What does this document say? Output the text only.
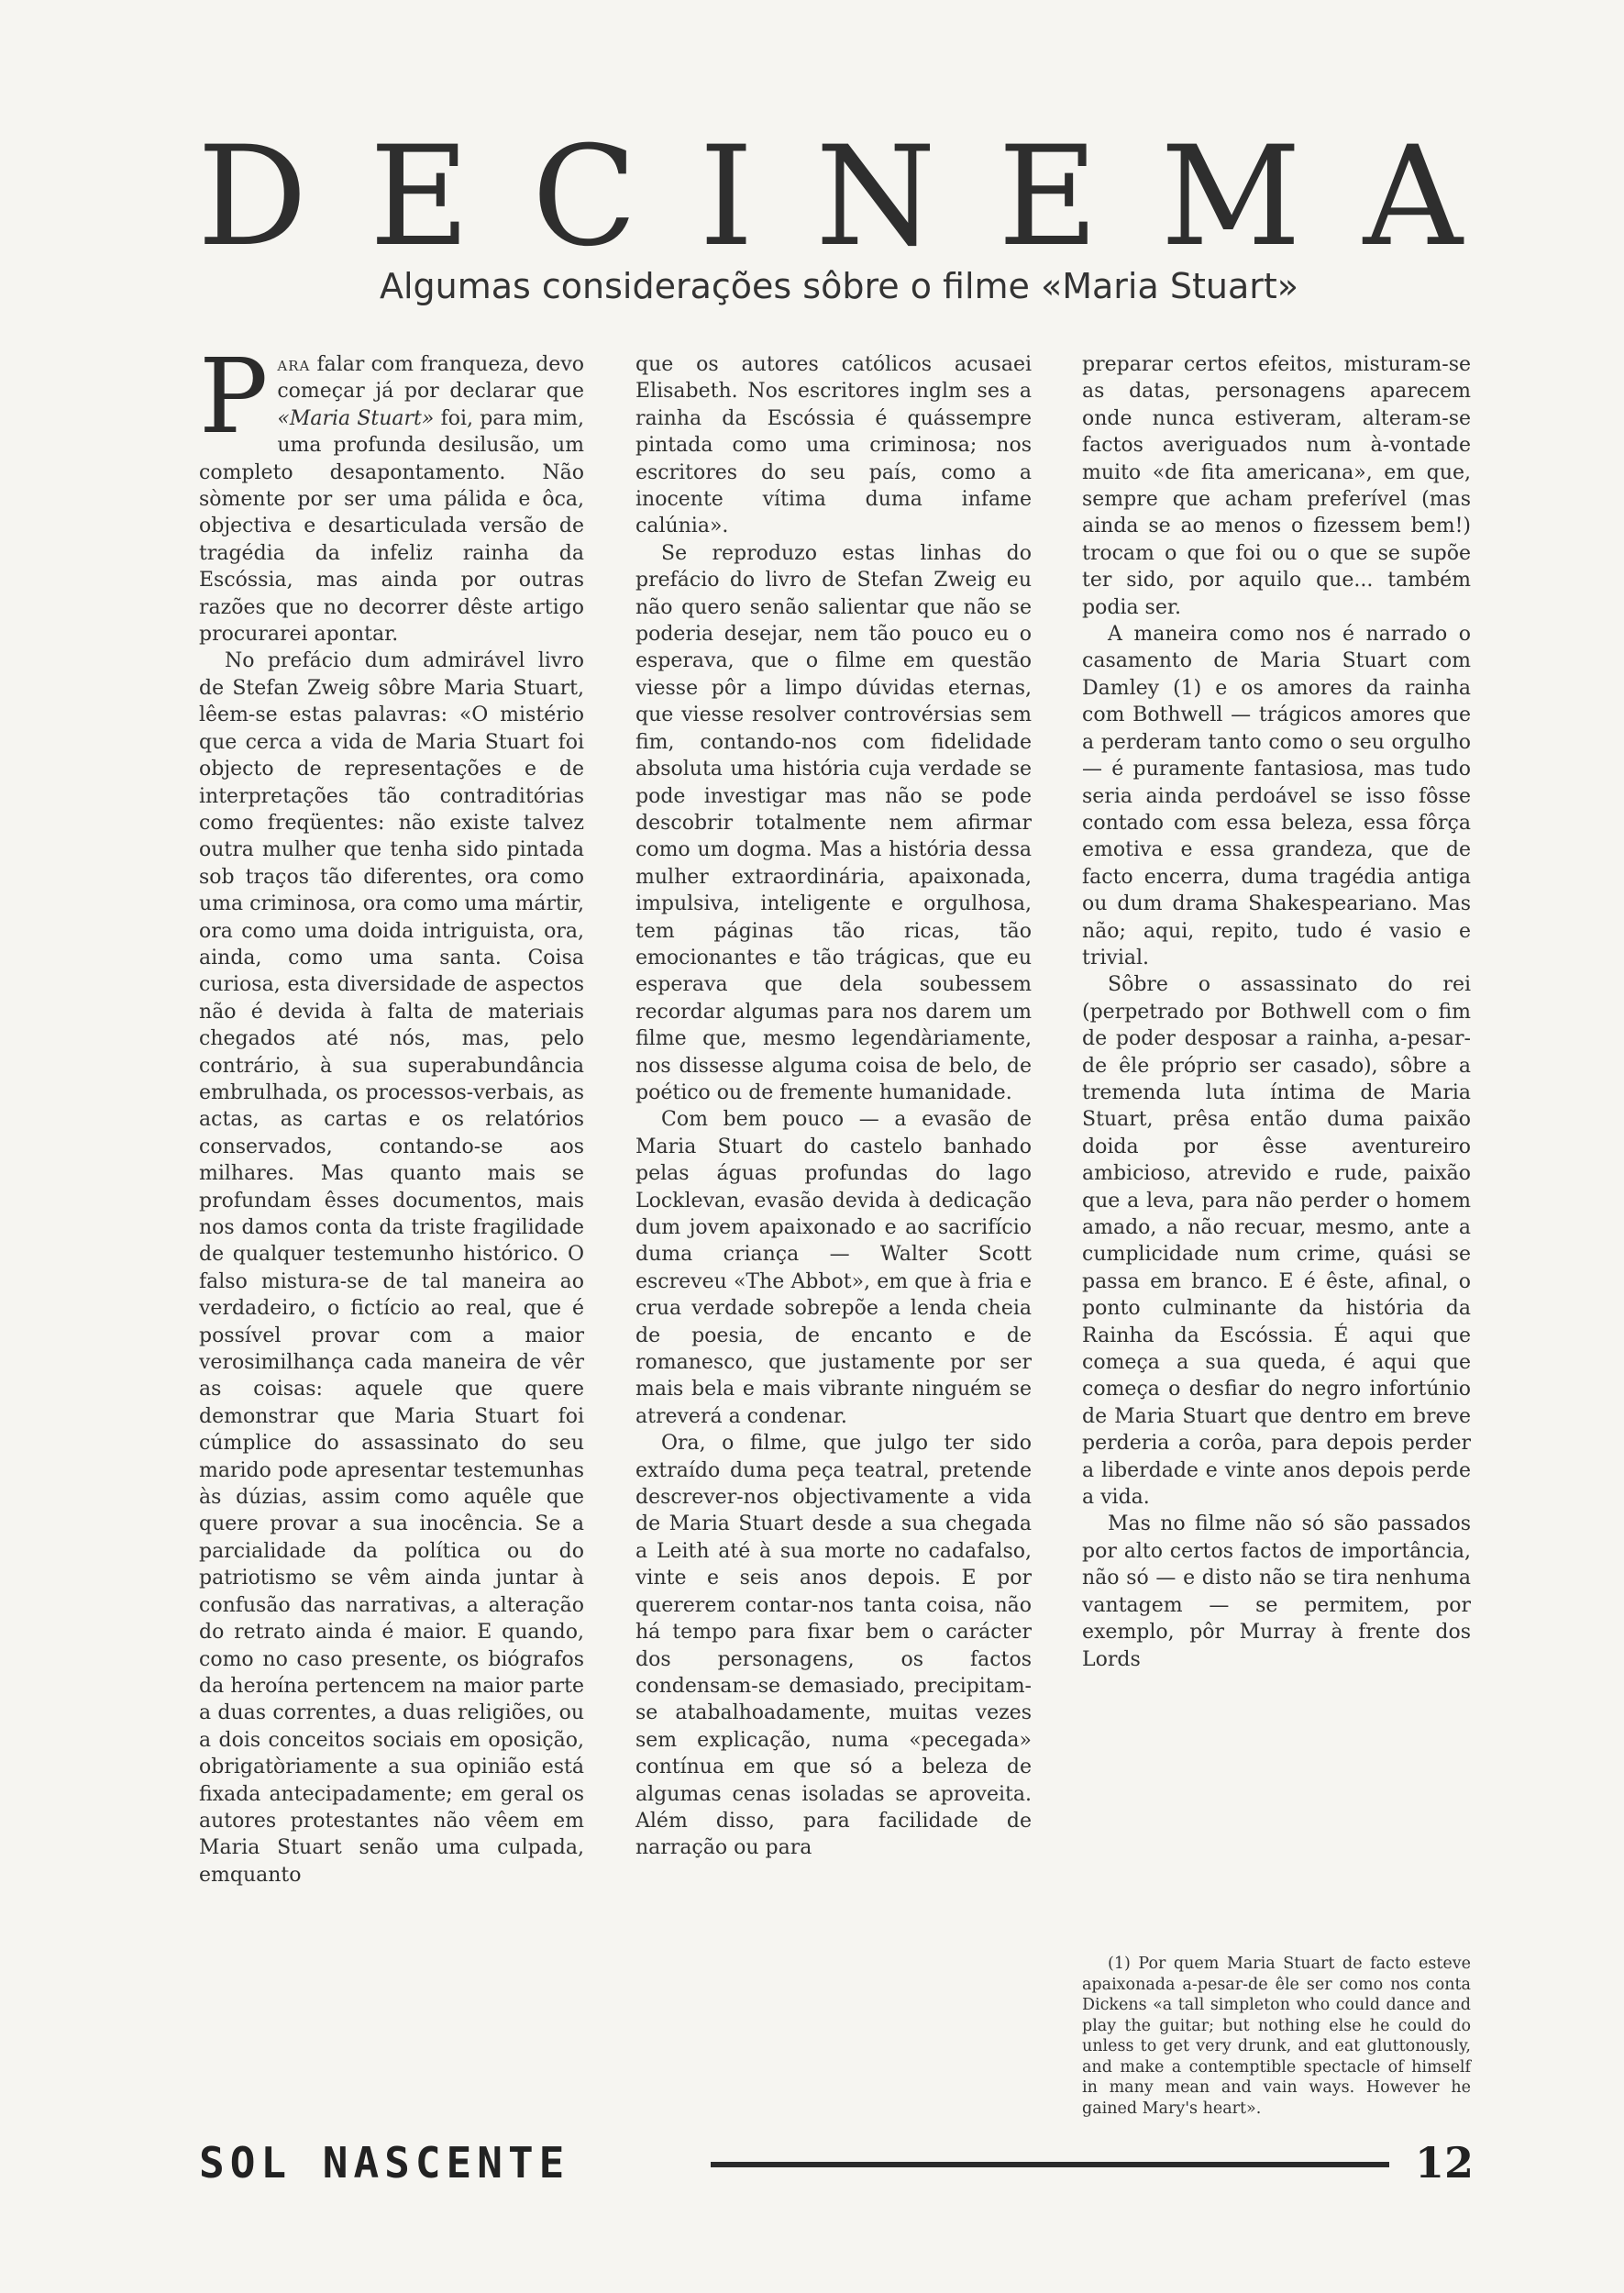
D E C I N E M A
Algumas considerações sôbre o filme «Maria Stuart»

Para falar com franqueza, devo começar já por declarar que «Maria Stuart» foi, para mim, uma profunda desilusão, um completo desapontamento. Não sòmente por ser uma pálida e ôca, objectiva e desarticulada versão de tragédia da infeliz rainha da Escóssia, mas ainda por outras razões que no decorrer dêste artigo procurarei apontar.

No prefácio dum admirável livro de Stefan Zweig sôbre Maria Stuart, lêem-se estas palavras: «O mistério que cerca a vida de Maria Stuart foi objecto de representações e de interpretações tão contraditórias como freqüentes: não existe talvez outra mulher que tenha sido pintada sob traços tão diferentes, ora como uma criminosa, ora como uma mártir, ora como uma doida intriguista, ora, ainda, como uma santa. Coisa curiosa, esta diversidade de aspectos não é devida à falta de materiais chegados até nós, mas, pelo contrário, à sua superabundância embrulhada, os processos-verbais, as actas, as cartas e os relatórios conservados, contando-se aos milhares. Mas quanto mais se profundam êsses documentos, mais nos damos conta da triste fragilidade de qualquer testemunho histórico. O falso mistura-se de tal maneira ao verdadeiro, o fictício ao real, que é possível provar com a maior verosimilhança cada maneira de vêr as coisas: aquele que quere demonstrar que Maria Stuart foi cúmplice do assassinato do seu marido pode apresentar testemunhas às dúzias, assim como aquêle que quere provar a sua inocência. Se a parcialidade da política ou do patriotismo se vêm ainda juntar à confusão das narrativas, a alteração do retrato ainda é maior. E quando, como no caso presente, os biógrafos da heroína pertencem na maior parte a duas correntes, a duas religiões, ou a dois conceitos sociais em oposição, obrigatòriamente a sua opinião está fixada antecipadamente; em geral os autores protestantes não vêem em Maria Stuart senão uma culpada, emquanto

que os autores católicos acusaei Elisabeth. Nos escritores inglm ses a rainha da Escóssia é quássempre pintada como uma criminosa; nos escritores do seu país, como a inocente vítima duma infame calúnia».

Se reproduzo estas linhas do prefácio do livro de Stefan Zweig eu não quero senão salientar que não se poderia desejar, nem tão pouco eu o esperava, que o filme em questão viesse pôr a limpo dúvidas eternas, que viesse resolver controvérsias sem fim, contando-nos com fidelidade absoluta uma história cuja verdade se pode investigar mas não se pode descobrir totalmente nem afirmar como um dogma. Mas a história dessa mulher extraordinária, apaixonada, impulsiva, inteligente e orgulhosa, tem páginas tão ricas, tão emocionantes e tão trágicas, que eu esperava que dela soubessem recordar algumas para nos darem um filme que, mesmo legendàriamente, nos dissesse alguma coisa de belo, de poético ou de fremente humanidade.

Com bem pouco — a evasão de Maria Stuart do castelo banhado pelas águas profundas do lago Locklevan, evasão devida à dedicação dum jovem apaixonado e ao sacrifício duma criança — Walter Scott escreveu «The Abbot», em que à fria e crua verdade sobrepõe a lenda cheia de poesia, de encanto e de romanesco, que justamente por ser mais bela e mais vibrante ninguém se atreverá a condenar.

Ora, o filme, que julgo ter sido extraído duma peça teatral, pretende descrever-nos objectivamente a vida de Maria Stuart desde a sua chegada a Leith até à sua morte no cadafalso, vinte e seis anos depois. E por quererem contar-nos tanta coisa, não há tempo para fixar bem o carácter dos personagens, os factos condensam-se demasiado, precipitam-se atabalhoadamente, muitas vezes sem explicação, numa «pecegada» contínua em que só a beleza de algumas cenas isoladas se aproveita. Além disso, para facilidade de narração ou para

preparar certos efeitos, misturam-se as datas, personagens aparecem onde nunca estiveram, alteram-se factos averiguados num à-vontade muito «de fita americana», em que, sempre que acham preferível (mas ainda se ao menos o fizessem bem!) trocam o que foi ou o que se supõe ter sido, por aquilo que... também podia ser.

A maneira como nos é narrado o casamento de Maria Stuart com Damley (1) e os amores da rainha com Bothwell — trágicos amores que a perderam tanto como o seu orgulho — é puramente fantasiosa, mas tudo seria ainda perdoável se isso fôsse contado com essa beleza, essa fôrça emotiva e essa grandeza, que de facto encerra, duma tragédia antiga ou dum drama Shakespeariano. Mas não; aqui, repito, tudo é vasio e trivial.

Sôbre o assassinato do rei (perpetrado por Bothwell com o fim de poder desposar a rainha, a-pesar-de êle próprio ser casado), sôbre a tremenda luta íntima de Maria Stuart, prêsa então duma paixão doida por êsse aventureiro ambicioso, atrevido e rude, paixão que a leva, para não perder o homem amado, a não recuar, mesmo, ante a cumplicidade num crime, quási se passa em branco. E é êste, afinal, o ponto culminante da história da Rainha da Escóssia. É aqui que começa a sua queda, é aqui que começa o desfiar do negro infortúnio de Maria Stuart que dentro em breve perderia a corôa, para depois perder a liberdade e vinte anos depois perde a vida.

Mas no filme não só são passados por alto certos factos de importância, não só — e disto não se tira nenhuma vantagem — se permitem, por exemplo, pôr Murray à frente dos Lords

(1) Por quem Maria Stuart de facto esteve apaixonada a-pesar-de êle ser como nos conta Dickens «a tall simpleton who could dance and play the guitar; but nothing else he could do unless to get very drunk, and eat gluttonously, and make a contemptible spectacle of himself in many mean and vain ways. However he gained Mary's heart».

SOL NASCENTE	12
